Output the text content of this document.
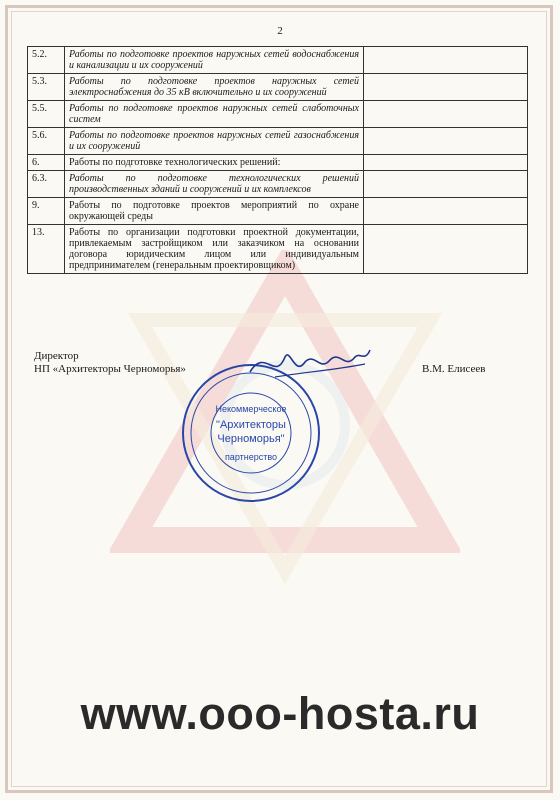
2
5.2.	Работы по подготовке проектов наружных сетей водоснабжения и канализации и их сооружений	
5.3.	Работы по подготовке проектов наружных сетей электроснабжения до 35 кВ включительно и их сооружений	
5.5.	Работы по подготовке проектов наружных сетей слаботочных систем	
5.6.	Работы по подготовке проектов наружных сетей газоснабжения и их сооружений	
6.	Работы по подготовке технологических решений:	
6.3.	Работы по подготовке технологических решений производственных зданий и сооружений и их комплексов	
9.	Работы по подготовке проектов мероприятий по охране окружающей среды	
13.	Работы по организации подготовки проектной документации, привлекаемым застройщиком или заказчиком на основании договора юридическим лицом или индивидуальным предпринимателем (генеральным проектировщиком)	
Директор
НП «Архитекторы Черноморья»	В.М. Елисеев
Некоммерческое
"Архитекторы
Черноморья"
партнерство
www.ooo-hosta.ru
